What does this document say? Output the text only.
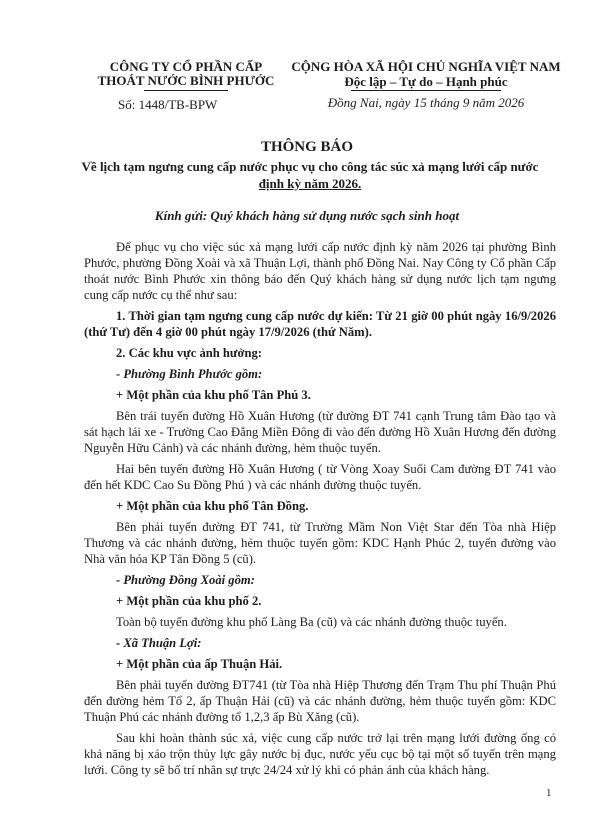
CÔNG TY CỔ PHẦN CẤP
THOÁT NƯỚC BÌNH PHƯỚC
Số: 1448/TB-BPW
CỘNG HÒA XÃ HỘI CHỦ NGHĨA VIỆT NAM
Độc lập – Tự do – Hạnh phúc
Đồng Nai, ngày 15 tháng 9 năm 2026
THÔNG BÁO
Về lịch tạm ngưng cung cấp nước phục vụ cho công tác súc xả mạng lưới cấp nước
định kỳ năm 2026.
Kính gửi: Quý khách hàng sử dụng nước sạch sinh hoạt

Để phục vụ cho việc súc xả mạng lưới cấp nước định kỳ năm 2026 tại phường Bình Phước, phường Đồng Xoài và xã Thuận Lợi, thành phố Đồng Nai. Nay Công ty Cổ phần Cấp thoát nước Bình Phước xin thông báo đến Quý khách hàng sử dụng nước lịch tạm ngưng cung cấp nước cụ thể như sau:

1. Thời gian tạm ngưng cung cấp nước dự kiến: Từ 21 giờ 00 phút ngày 16/9/2026 (thứ Tư) đến 4 giờ 00 phút ngày 17/9/2026 (thứ Năm).

2. Các khu vực ảnh hưởng:

- Phường Bình Phước gồm:

+ Một phần của khu phố Tân Phú 3.

Bên trái tuyến đường Hồ Xuân Hương (từ đường ĐT 741 cạnh Trung tâm Đào tạo và sát hạch lái xe - Trường Cao Đẳng Miền Đông đi vào đến đường Hồ Xuân Hương đến đường Nguyễn Hữu Cảnh) và các nhánh đường, hẻm thuộc tuyến.

Hai bên tuyến đường Hồ Xuân Hương ( từ Vòng Xoay Suối Cam đường ĐT 741 vào đến hết KDC Cao Su Đồng Phú ) và các nhánh đường thuộc tuyến.

+ Một phần của khu phố Tân Đồng.

Bên phải tuyến đường ĐT 741, từ Trường Mầm Non Việt Star đến Tòa nhà Hiệp Thương và các nhánh đường, hẻm thuộc tuyến gồm: KDC Hạnh Phúc 2, tuyến đường vào Nhà văn hóa KP Tân Đồng 5 (cũ).

- Phường Đồng Xoài gồm:

+ Một phần của khu phố 2.

Toàn bộ tuyến đường khu phố Làng Ba (cũ) và các nhánh đường thuộc tuyến.

- Xã Thuận Lợi:

+ Một phần của ấp Thuận Hải.

Bên phải tuyến đường ĐT741 (từ Tòa nhà Hiệp Thương đến Trạm Thu phí Thuận Phú đến đường hẻm Tổ 2, ấp Thuận Hải (cũ) và các nhánh đường, hẻm thuộc tuyến gồm: KDC Thuận Phú các nhánh đường tổ 1,2,3 ấp Bù Xăng (cũ).

Sau khi hoàn thành súc xả, việc cung cấp nước trở lại trên mạng lưới đường ống có khả năng bị xáo trộn thủy lực gây nước bị đục, nước yếu cục bộ tại một số tuyến trên mạng lưới. Công ty sẽ bố trí nhân sự trực 24/24 xử lý khi có phản ánh của khách hàng.

1
